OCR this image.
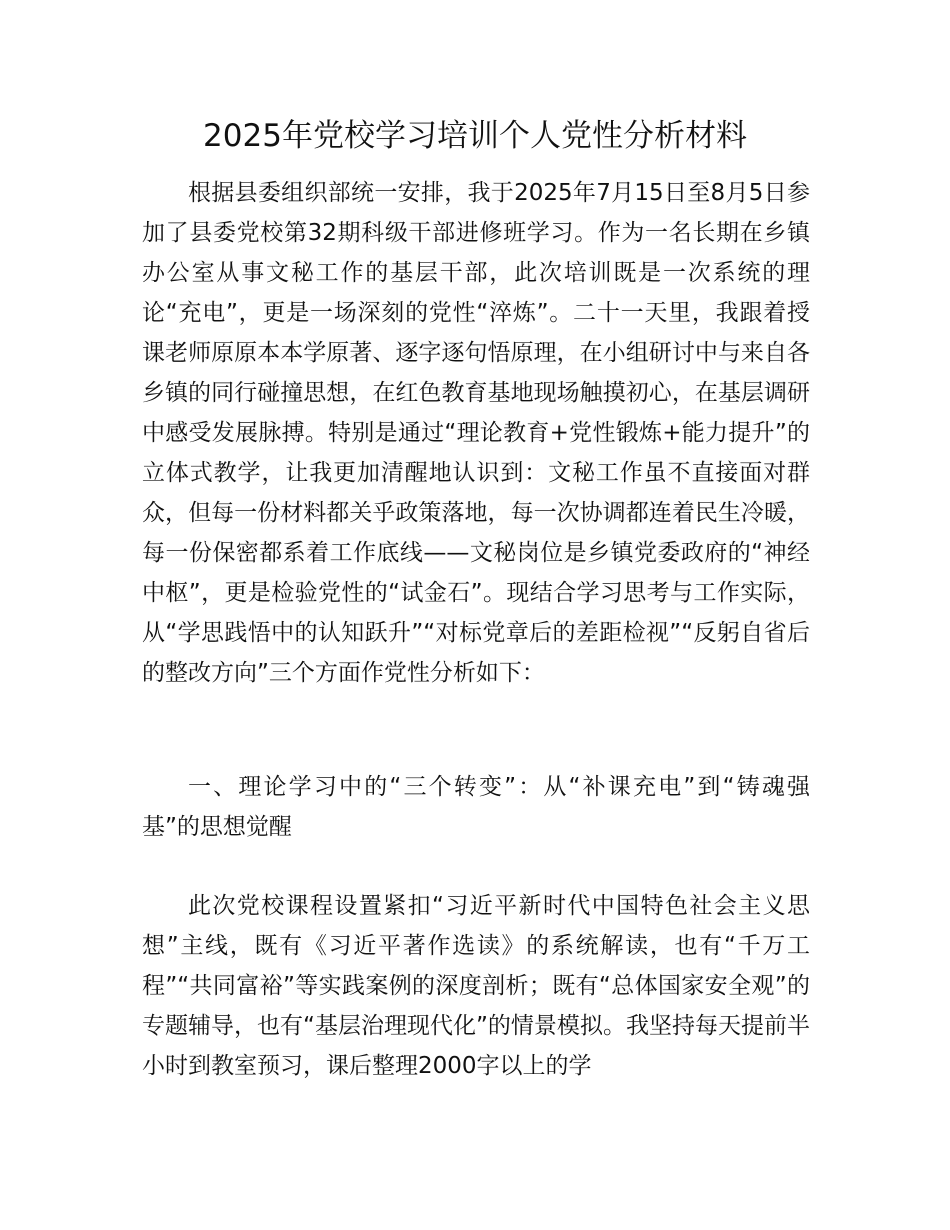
2025年党校学习培训个人党性分析材料

根据县委组织部统一安排，我于2025年7月15日至8月5日参加了县委党校第32期科级干部进修班学习。作为一名长期在乡镇办公室从事文秘工作的基层干部，此次培训既是一次系统的理论“充电”，更是一场深刻的党性“淬炼”。二十一天里，我跟着授课老师原原本本学原著、逐字逐句悟原理，在小组研讨中与来自各乡镇的同行碰撞思想，在红色教育基地现场触摸初心，在基层调研中感受发展脉搏。特别是通过“理论教育+党性锻炼+能力提升”的立体式教学，让我更加清醒地认识到：文秘工作虽不直接面对群众，但每一份材料都关乎政策落地，每一次协调都连着民生冷暖，每一份保密都系着工作底线——文秘岗位是乡镇党委政府的“神经中枢”，更是检验党性的“试金石”。现结合学习思考与工作实际，从“学思践悟中的认知跃升”“对标党章后的差距检视”“反躬自省后的整改方向”三个方面作党性分析如下：

一、理论学习中的“三个转变”：从“补课充电”到“铸魂强基”的思想觉醒

此次党校课程设置紧扣“习近平新时代中国特色社会主义思想”主线，既有《习近平著作选读》的系统解读，也有“千万工程”“共同富裕”等实践案例的深度剖析；既有“总体国家安全观”的专题辅导，也有“基层治理现代化”的情景模拟。我坚持每天提前半小时到教室预习，课后整理2000字以上的学
